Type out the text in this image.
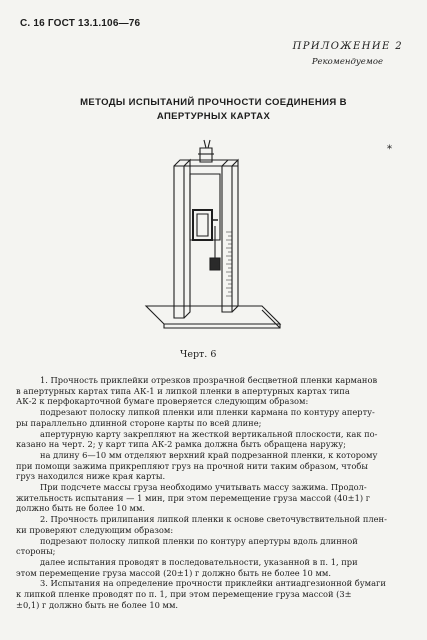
С. 16 ГОСТ 13.1.106—76
ПРИЛОЖЕНИЕ 2
Рекомендуемое
МЕТОДЫ ИСПЫТАНИЙ ПРОЧНОСТИ СОЕДИНЕНИЯ В
АПЕРТУРНЫХ КАРТАХ
*
Черт. 6
1. Прочность приклейки отрезков прозрачной бесцветной пленки карманов
в апертурных картах типа АК-1 и липкой пленки в апертурных картах типа
АК-2 к перфокарточной бумаге проверяется следующим образом:
подрезают полоску липкой пленки или пленки кармана по контуру аперту-
ры параллельно длинной стороне карты по всей длине;
апертурную карту закрепляют на жесткой вертикальной плоскости, как по-
казано на черт. 2; у карт типа АК-2 рамка должна быть обращена наружу;
на длину 6—10 мм отделяют верхний край подрезанной пленки, к которому
при помощи зажима прикрепляют груз на прочной нити таким образом, чтобы
груз находился ниже края карты.
При подсчете массы груза необходимо учитывать массу зажима. Продол-
жительность испытания — 1 мин, при этом перемещение груза массой (40±1) г
должно быть не более 10 мм.
2. Прочность прилипания липкой пленки к основе светочувствительной плен-
ки проверяют следующим образом:
подрезают полоску липкой пленки по контуру апертуры вдоль длинной
стороны;
далее испытания проводят в последовательности, указанной в п. 1, при
этом перемещение груза массой (20±1) г должно быть не более 10 мм.
3. Испытания на определение прочности приклейки антиадгезионной бумаги
к липкой пленке проводят по п. 1, при этом перемещение груза массой (3±
±0,1) г должно быть не более 10 мм.
